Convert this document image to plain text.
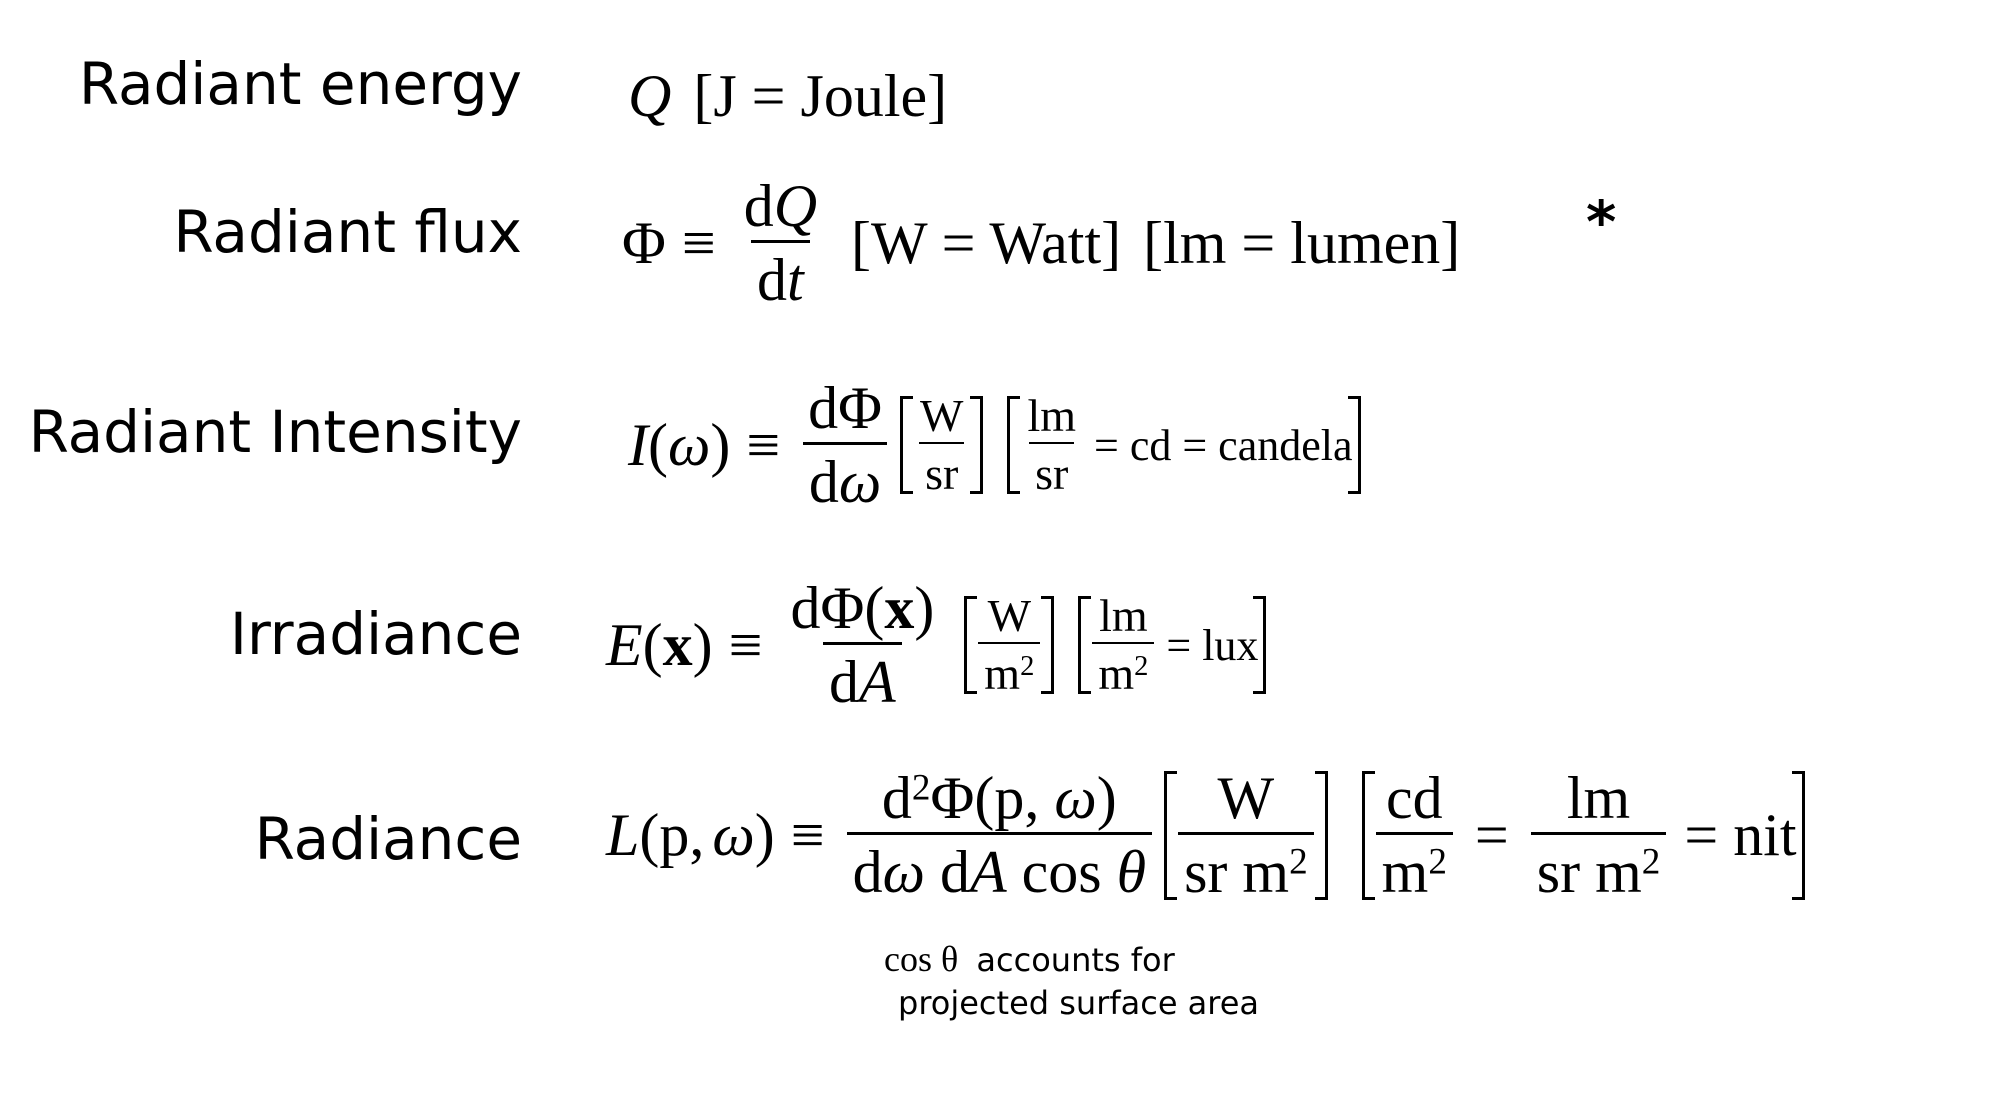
Radiant energy Q [J = Joule]
Radiant flux $\Phi \equiv \frac{dQ}{dt} [W$ = Watt] [lm = lumen] *
Radiant Intensity I ( ω ) ≡ $\frac{d\Phi}{d\omega} \frac{W}{sr} \frac{lm}{sr}$ = cd = candela
Irradiance E ( x ) ≡ $\frac{d\Phi(x)}{dA} \frac{W}{m^2} \frac{lm}{m^2}$ = lux
Radiance L (p, ω ) ≡ $\frac{d^2\Phi(p, \omega)}{\text{dω dA cos θ}} \frac{W}{sr m^2} \frac{cd}{m^2} = \frac{lm}{sr m^2}$ = nit
cos θ accounts for
projected surface area
